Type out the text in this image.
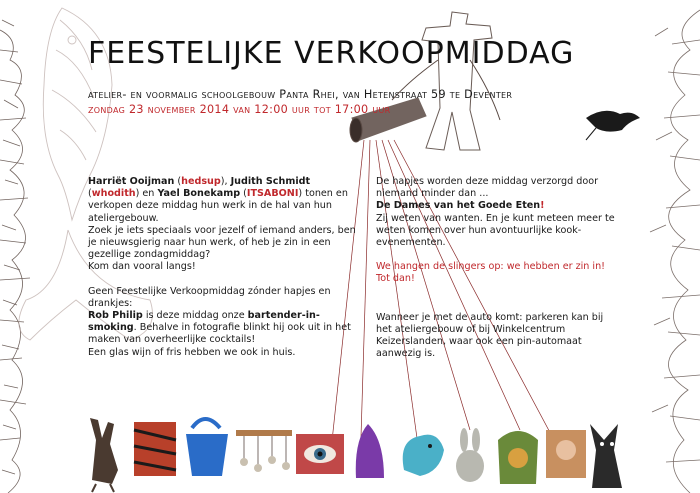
FEESTELIJKE VERKOOPMIDDAG
atelier- en voormalig schoolgebouw Panta Rhei, van Hetenstraat 59 te Deventer
zondag 23 november 2014 van 12:00 uur tot 17:00 uur

Harriët Ooijman (hedsup), Judith Schmidt (whodith) en Yael Bonekamp (ITSABONI) tonen en verkopen deze middag hun werk in de hal van hun ateliergebouw.
Zoek je iets speciaals voor jezelf of iemand anders, ben je nieuwsgierig naar hun werk, of heb je zin in een gezellige zondagmiddag?
Kom dan vooral langs!

Geen Feestelijke Verkoopmiddag zónder hapjes en drankjes:
Rob Philip is deze middag onze bartender-in-smoking. Behalve in fotografie blinkt hij ook uit in het maken van overheerlijke cocktails!
Een glas wijn of fris hebben we ook in huis.

De hapjes worden deze middag verzorgd door niemand minder dan ...
De Dames van het Goede Eten!
Zij weten van wanten. En je kunt meteen meer te weten komen over hun avontuurlijke kook-evenementen.

We hangen de slingers op: we hebben er zin in! Tot dan!

Wanneer je met de auto komt: parkeren kan bij het ateliergebouw of bij Winkelcentrum Keizerslanden, waar ook een pin-automaat aanwezig is.
